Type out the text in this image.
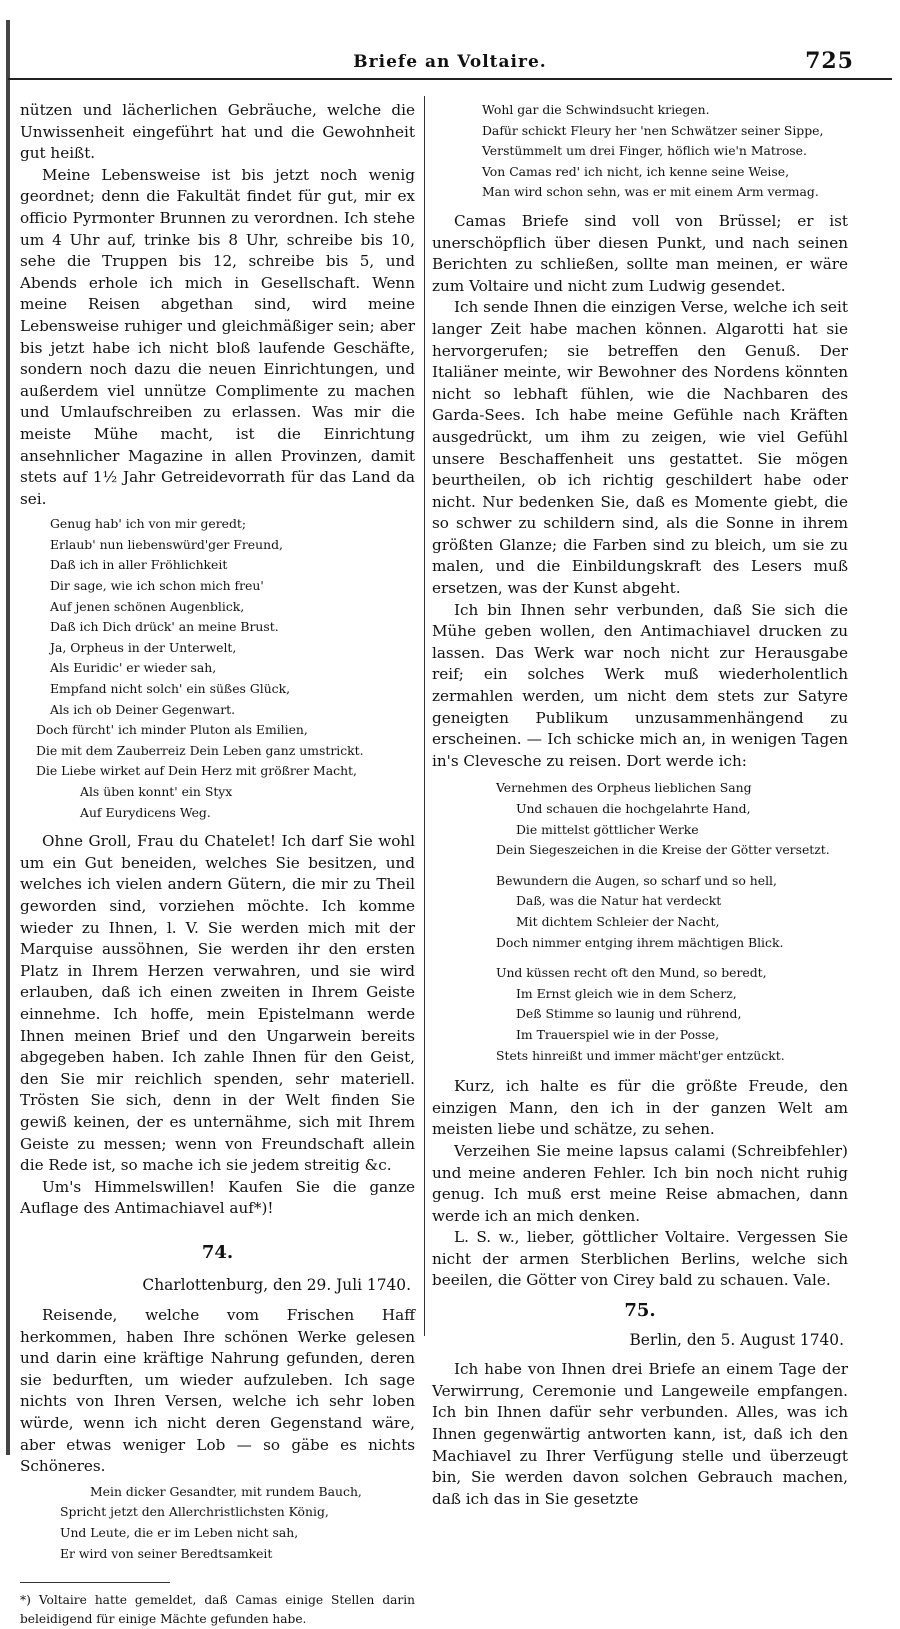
Briefe an Voltaire.	725

nützen und lächerlichen Gebräuche, welche die Unwissenheit eingeführt hat und die Gewohnheit gut heißt.

Meine Lebensweise ist bis jetzt noch wenig geordnet; denn die Fakultät findet für gut, mir ex officio Pyrmonter Brunnen zu verordnen. Ich stehe um 4 Uhr auf, trinke bis 8 Uhr, schreibe bis 10, sehe die Truppen bis 12, schreibe bis 5, und Abends erhole ich mich in Gesellschaft. Wenn meine Reisen abgethan sind, wird meine Lebensweise ruhiger und gleichmäßiger sein; aber bis jetzt habe ich nicht bloß laufende Geschäfte, sondern noch dazu die neuen Einrichtungen, und außerdem viel unnütze Complimente zu machen und Umlaufschreiben zu erlassen. Was mir die meiste Mühe macht, ist die Einrichtung ansehnlicher Magazine in allen Provinzen, damit stets auf 1½ Jahr Getreidevorrath für das Land da sei.

Genug hab' ich von mir geredt;
Erlaub' nun liebenswürd'ger Freund,
Daß ich in aller Fröhlichkeit
Dir sage, wie ich schon mich freu'
Auf jenen schönen Augenblick,
Daß ich Dich drück' an meine Brust.
Ja, Orpheus in der Unterwelt,
Als Euridic' er wieder sah,
Empfand nicht solch' ein süßes Glück,
Als ich ob Deiner Gegenwart.
Doch fürcht' ich minder Pluton als Emilien,
Die mit dem Zauberreiz Dein Leben ganz umstrickt.
Die Liebe wirket auf Dein Herz mit größrer Macht,
Als üben konnt' ein Styx
Auf Eurydicens Weg.

Ohne Groll, Frau du Chatelet! Ich darf Sie wohl um ein Gut beneiden, welches Sie besitzen, und welches ich vielen andern Gütern, die mir zu Theil geworden sind, vorziehen möchte. Ich komme wieder zu Ihnen, l. V. Sie werden mich mit der Marquise aussöhnen, Sie werden ihr den ersten Platz in Ihrem Herzen verwahren, und sie wird erlauben, daß ich einen zweiten in Ihrem Geiste einnehme. Ich hoffe, mein Epistelmann werde Ihnen meinen Brief und den Ungarwein bereits abgegeben haben. Ich zahle Ihnen für den Geist, den Sie mir reichlich spenden, sehr materiell. Trösten Sie sich, denn in der Welt finden Sie gewiß keinen, der es unternähme, sich mit Ihrem Geiste zu messen; wenn von Freundschaft allein die Rede ist, so mache ich sie jedem streitig &c.

Um's Himmelswillen! Kaufen Sie die ganze Auflage des Antimachiavel auf*)!

74.
Charlottenburg, den 29. Juli 1740.

Reisende, welche vom Frischen Haff herkommen, haben Ihre schönen Werke gelesen und darin eine kräftige Nahrung gefunden, deren sie bedurften, um wieder aufzuleben. Ich sage nichts von Ihren Versen, welche ich sehr loben würde, wenn ich nicht deren Gegenstand wäre, aber etwas weniger Lob — so gäbe es nichts Schöneres.

Mein dicker Gesandter, mit rundem Bauch,
Spricht jetzt den Allerchristlichsten König,
Und Leute, die er im Leben nicht sah,
Er wird von seiner Beredtsamkeit

*) Voltaire hatte gemeldet, daß Camas einige Stellen darin beleidigend für einige Mächte gefunden habe.

Wohl gar die Schwindsucht kriegen.
Dafür schickt Fleury her 'nen Schwätzer seiner Sippe,
Verstümmelt um drei Finger, höflich wie'n Matrose.
Von Camas red' ich nicht, ich kenne seine Weise,
Man wird schon sehn, was er mit einem Arm vermag.

Camas Briefe sind voll von Brüssel; er ist unerschöpflich über diesen Punkt, und nach seinen Berichten zu schließen, sollte man meinen, er wäre zum Voltaire und nicht zum Ludwig gesendet.

Ich sende Ihnen die einzigen Verse, welche ich seit langer Zeit habe machen können. Algarotti hat sie hervorgerufen; sie betreffen den Genuß. Der Italiäner meinte, wir Bewohner des Nordens könnten nicht so lebhaft fühlen, wie die Nachbaren des Garda-Sees. Ich habe meine Gefühle nach Kräften ausgedrückt, um ihm zu zeigen, wie viel Gefühl unsere Beschaffenheit uns gestattet. Sie mögen beurtheilen, ob ich richtig geschildert habe oder nicht. Nur bedenken Sie, daß es Momente giebt, die so schwer zu schildern sind, als die Sonne in ihrem größten Glanze; die Farben sind zu bleich, um sie zu malen, und die Einbildungskraft des Lesers muß ersetzen, was der Kunst abgeht.

Ich bin Ihnen sehr verbunden, daß Sie sich die Mühe geben wollen, den Antimachiavel drucken zu lassen. Das Werk war noch nicht zur Herausgabe reif; ein solches Werk muß wiederholentlich zermahlen werden, um nicht dem stets zur Satyre geneigten Publikum unzusammenhängend zu erscheinen. — Ich schicke mich an, in wenigen Tagen in's Clevesche zu reisen. Dort werde ich:

Vernehmen des Orpheus lieblichen Sang
Und schauen die hochgelahrte Hand,
Die mittelst göttlicher Werke
Dein Siegeszeichen in die Kreise der Götter versetzt.
Bewundern die Augen, so scharf und so hell,
Daß, was die Natur hat verdeckt
Mit dichtem Schleier der Nacht,
Doch nimmer entging ihrem mächtigen Blick.
Und küssen recht oft den Mund, so beredt,
Im Ernst gleich wie in dem Scherz,
Deß Stimme so launig und rührend,
Im Trauerspiel wie in der Posse,
Stets hinreißt und immer mächt'ger entzückt.

Kurz, ich halte es für die größte Freude, den einzigen Mann, den ich in der ganzen Welt am meisten liebe und schätze, zu sehen.

Verzeihen Sie meine lapsus calami (Schreibfehler) und meine anderen Fehler. Ich bin noch nicht ruhig genug. Ich muß erst meine Reise abmachen, dann werde ich an mich denken.

L. S. w., lieber, göttlicher Voltaire. Vergessen Sie nicht der armen Sterblichen Berlins, welche sich beeilen, die Götter von Cirey bald zu schauen. Vale.

75.
Berlin, den 5. August 1740.

Ich habe von Ihnen drei Briefe an einem Tage der Verwirrung, Ceremonie und Langeweile empfangen. Ich bin Ihnen dafür sehr verbunden. Alles, was ich Ihnen gegenwärtig antworten kann, ist, daß ich den Machiavel zu Ihrer Verfügung stelle und überzeugt bin, Sie werden davon solchen Gebrauch machen, daß ich das in Sie gesetzte
